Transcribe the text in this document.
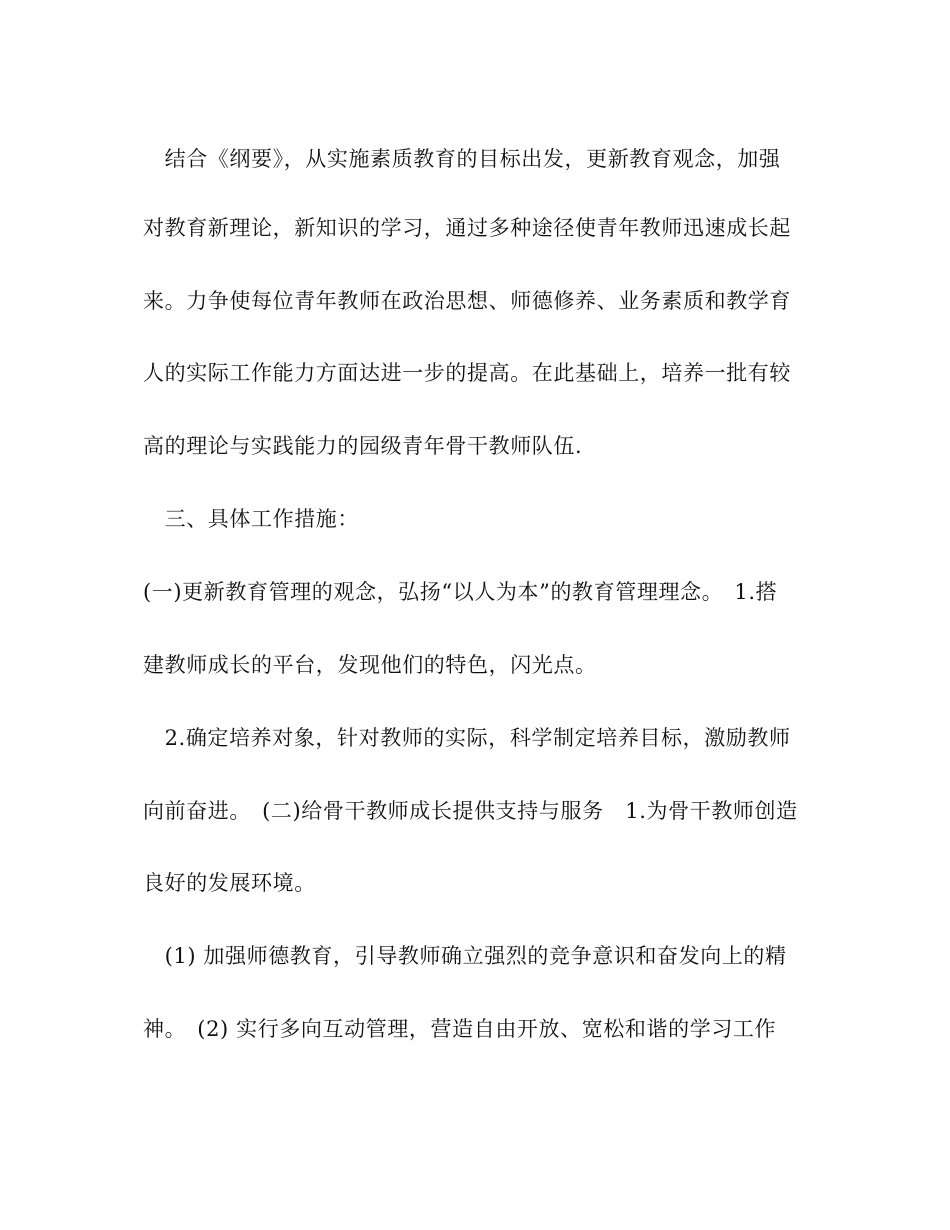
　结合《纲要》，从实施素质教育的目标出发，更新教育观念，加强

对教育新理论，新知识的学习，通过多种途径使青年教师迅速成长起

来。力争使每位青年教师在政治思想、师德修养、业务素质和教学育

人的实际工作能力方面达进一步的提高。在此基础上，培养一批有较

高的理论与实践能力的园级青年骨干教师队伍.

　三、具体工作措施：

(一)更新教育管理的观念，弘扬“以人为本”的教育管理理念。　1.搭

建教师成长的平台，发现他们的特色，闪光点。

　2.确定培养对象，针对教师的实际，科学制定培养目标，激励教师

向前奋进。　(二)给骨干教师成长提供支持与服务　1.为骨干教师创造

良好的发展环境。

　(1) 加强师德教育，引导教师确立强烈的竞争意识和奋发向上的精

神。　(2) 实行多向互动管理，营造自由开放、宽松和谐的学习工作
